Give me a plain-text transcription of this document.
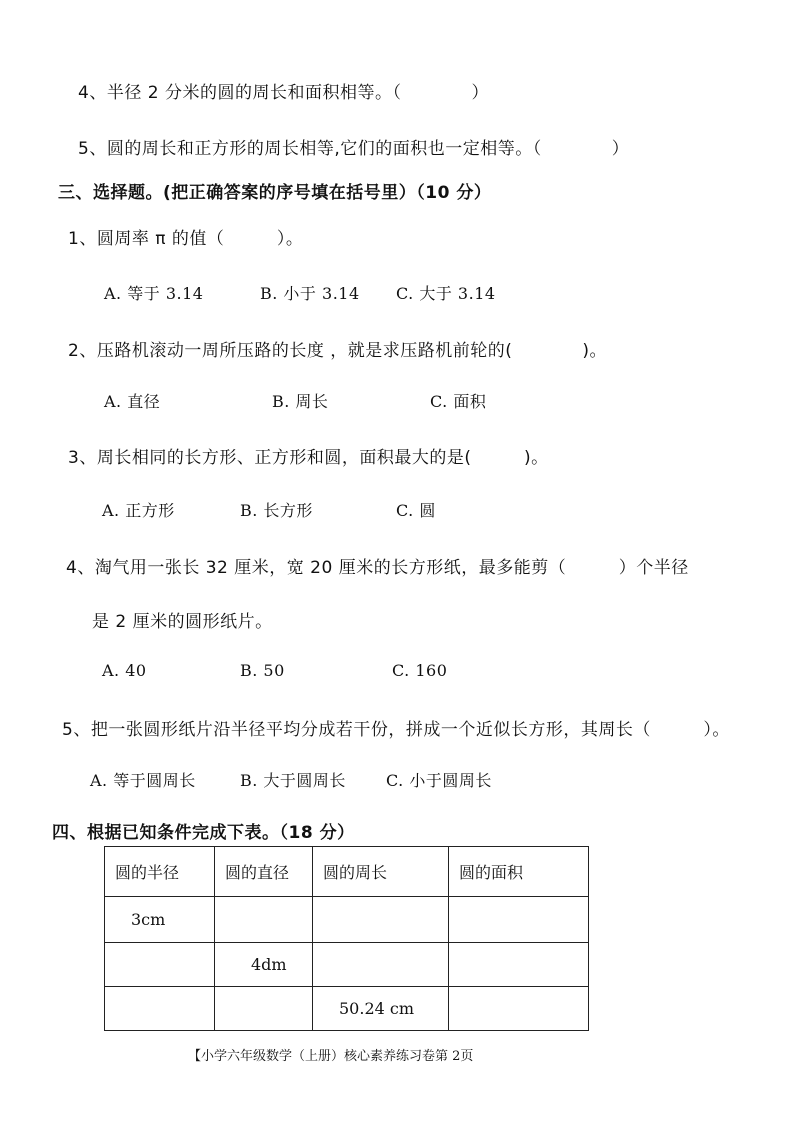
4、半径 2 分米的圆的周长和面积相等。（　　　　）
5、圆的周长和正方形的周长相等,它们的面积也一定相等。（　　　　）
三、选择题。(把正确答案的序号填在括号里）（10 分）
1、圆周率 π 的值（　　　）。
A. 等于 3.14	B. 小于 3.14 C. 大于 3.14
2、压路机滚动一周所压路的长度 ，就是求压路机前轮的(　　　　)。
A. 直径	B. 周长	C. 面积
3、周长相同的长方形、正方形和圆，面积最大的是(　　　)。
A. 正方形	B. 长方形	C. 圆
4、淘气用一张长 32 厘米，宽 20 厘米的长方形纸，最多能剪（　　　）个半径
是 2 厘米的圆形纸片。
A. 40	B. 50	C. 160
5、把一张圆形纸片沿半径平均分成若干份，拼成一个近似长方形，其周长（　　　）。
A. 等于圆周长	B. 大于圆周长	C. 小于圆周长
四、根据已知条件完成下表。（18 分）
圆的半径	圆的直径	圆的周长	圆的面积
3cm			
	4dm		
		50.24 cm	
【小学六年级数学（上册）核心素养练习卷第 2页
